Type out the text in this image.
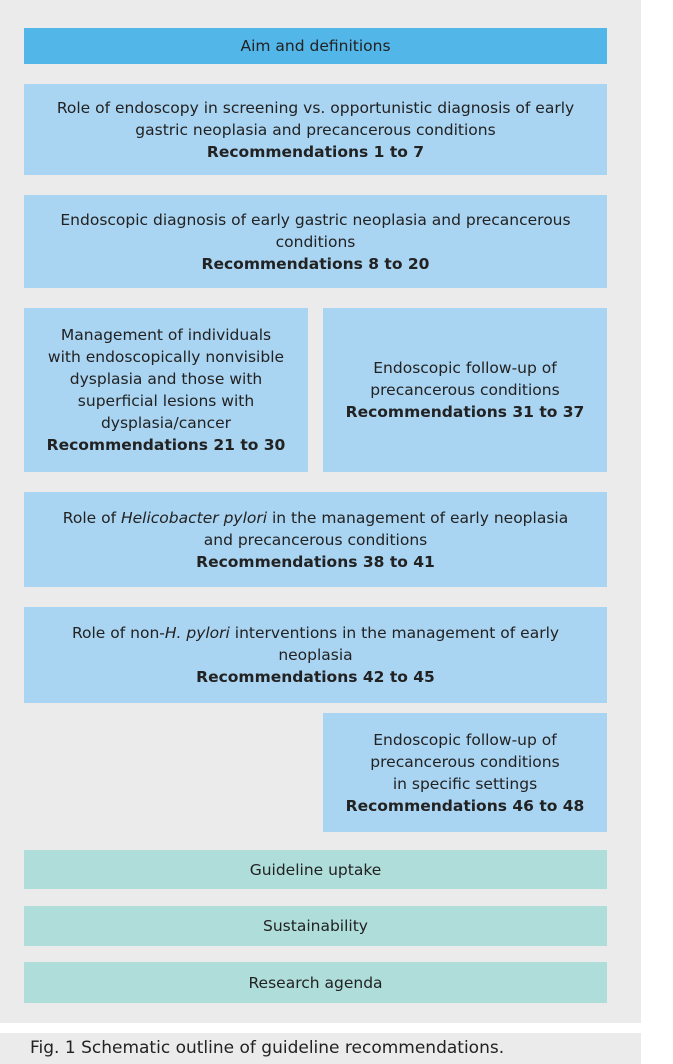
Aim and definitions
Role of endoscopy in screening vs. opportunistic diagnosis of early
gastric neoplasia and precancerous conditions
Recommendations 1 to 7
Endoscopic diagnosis of early gastric neoplasia and precancerous
conditions
Recommendations 8 to 20
Management of individuals
with endoscopically nonvisible
dysplasia and those with
superficial lesions with
dysplasia/cancer
Recommendations 21 to 30
Endoscopic follow-up of
precancerous conditions
Recommendations 31 to 37
Role of Helicobacter pylori in the management of early neoplasia
and precancerous conditions
Recommendations 38 to 41
Role of non-H. pylori interventions in the management of early
neoplasia
Recommendations 42 to 45
Endoscopic follow-up of
precancerous conditions
in specific settings
Recommendations 46 to 48
Guideline uptake
Sustainability
Research agenda
Fig. 1 Schematic outline of guideline recommendations.
